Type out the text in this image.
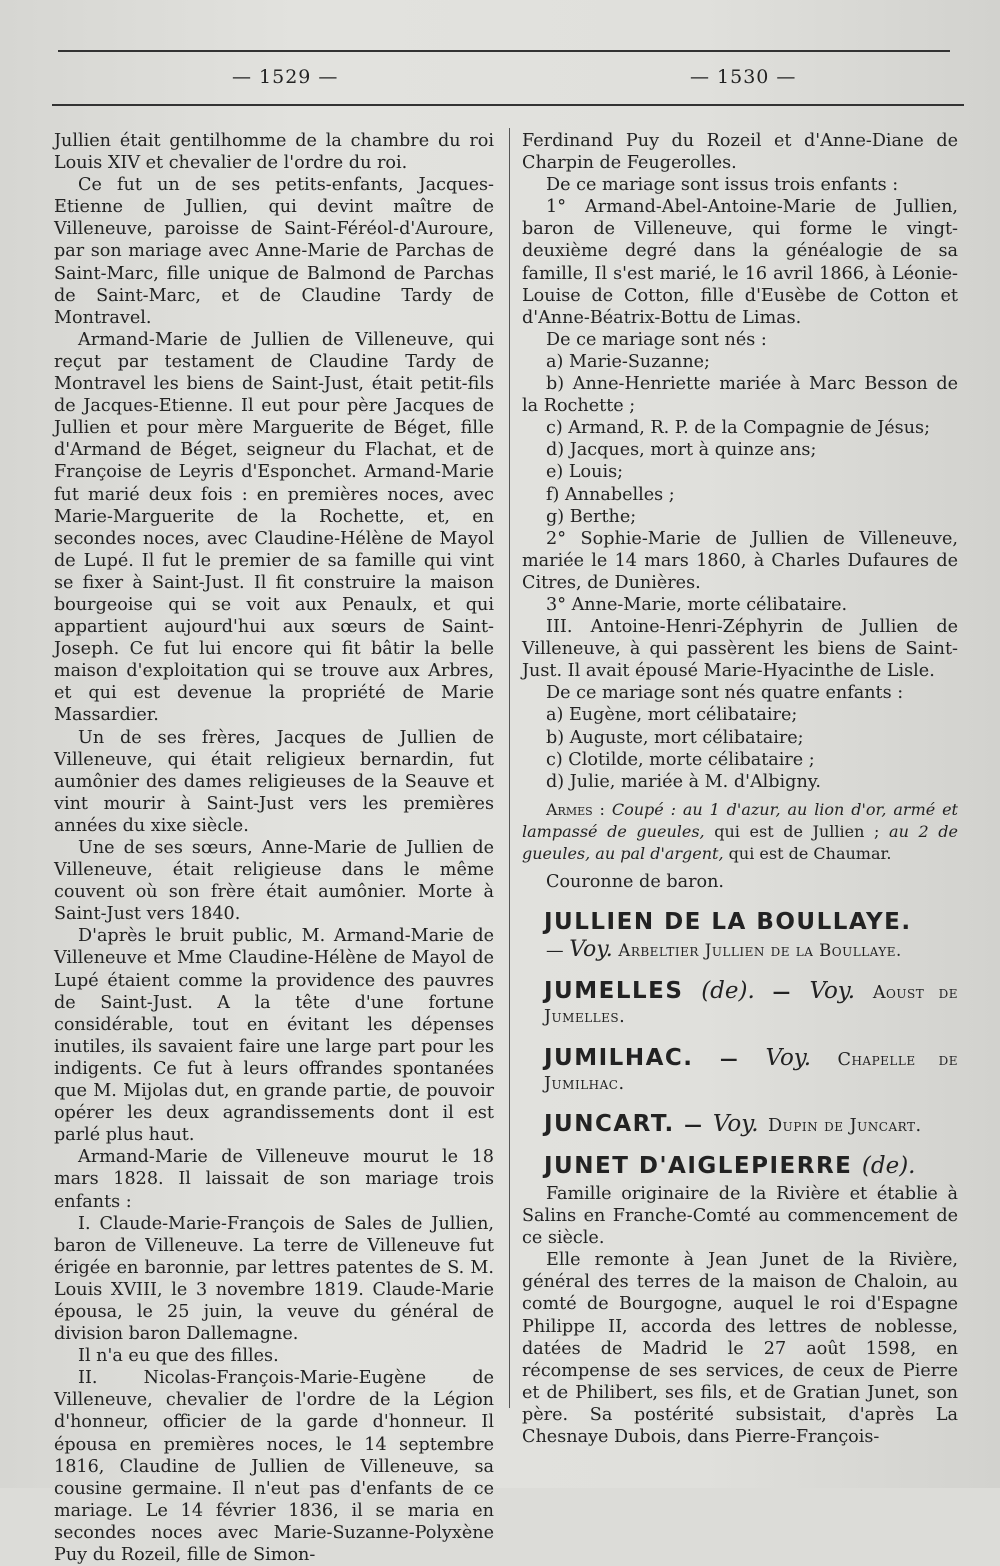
— 1529 —	— 1530 —

Jullien était gentilhomme de la chambre du roi Louis XIV et chevalier de l'ordre du roi.

Ce fut un de ses petits-enfants, Jacques-Etienne de Jullien, qui devint maître de Villeneuve, paroisse de Saint-Féréol-d'Auroure, par son mariage avec Anne-Marie de Parchas de Saint-Marc, fille unique de Balmond de Parchas de Saint-Marc, et de Claudine Tardy de Montravel.

Armand-Marie de Jullien de Villeneuve, qui reçut par testament de Claudine Tardy de Montravel les biens de Saint-Just, était petit-fils de Jacques-Etienne. Il eut pour père Jacques de Jullien et pour mère Marguerite de Béget, fille d'Armand de Béget, seigneur du Flachat, et de Françoise de Leyris d'Esponchet. Armand-Marie fut marié deux fois : en premières noces, avec Marie-Marguerite de la Rochette, et, en secondes noces, avec Claudine-Hélène de Mayol de Lupé. Il fut le premier de sa famille qui vint se fixer à Saint-Just. Il fit construire la maison bourgeoise qui se voit aux Penaulx, et qui appartient aujourd'hui aux sœurs de Saint-Joseph. Ce fut lui encore qui fit bâtir la belle maison d'exploitation qui se trouve aux Arbres, et qui est devenue la propriété de Marie Massardier.

Un de ses frères, Jacques de Jullien de Villeneuve, qui était religieux bernardin, fut aumônier des dames religieuses de la Seauve et vint mourir à Saint-Just vers les premières années du xixe siècle.

Une de ses sœurs, Anne-Marie de Jullien de Villeneuve, était religieuse dans le même couvent où son frère était aumônier. Morte à Saint-Just vers 1840.

D'après le bruit public, M. Armand-Marie de Villeneuve et Mme Claudine-Hélène de Mayol de Lupé étaient comme la providence des pauvres de Saint-Just. A la tête d'une fortune considérable, tout en évitant les dépenses inutiles, ils savaient faire une large part pour les indigents. Ce fut à leurs offrandes spontanées que M. Mijolas dut, en grande partie, de pouvoir opérer les deux agrandissements dont il est parlé plus haut.

Armand-Marie de Villeneuve mourut le 18 mars 1828. Il laissait de son mariage trois enfants :

I. Claude-Marie-François de Sales de Jullien, baron de Villeneuve. La terre de Villeneuve fut érigée en baronnie, par lettres patentes de S. M. Louis XVIII, le 3 novembre 1819. Claude-Marie épousa, le 25 juin, la veuve du général de division baron Dallemagne.

Il n'a eu que des filles.

II. Nicolas-François-Marie-Eugène de Villeneuve, chevalier de l'ordre de la Légion d'honneur, officier de la garde d'honneur. Il épousa en premières noces, le 14 septembre 1816, Claudine de Jullien de Villeneuve, sa cousine germaine. Il n'eut pas d'enfants de ce mariage. Le 14 février 1836, il se maria en secondes noces avec Marie-Suzanne-Polyxène Puy du Rozeil, fille de Simon-

Ferdinand Puy du Rozeil et d'Anne-Diane de Charpin de Feugerolles.

De ce mariage sont issus trois enfants :

1° Armand-Abel-Antoine-Marie de Jullien, baron de Villeneuve, qui forme le vingt-deuxième degré dans la généalogie de sa famille, Il s'est marié, le 16 avril 1866, à Léonie-Louise de Cotton, fille d'Eusèbe de Cotton et d'Anne-Béatrix-Bottu de Limas.

De ce mariage sont nés :

a) Marie-Suzanne;

b) Anne-Henriette mariée à Marc Besson de la Rochette ;

c) Armand, R. P. de la Compagnie de Jésus;

d) Jacques, mort à quinze ans;

e) Louis;

f) Annabelles ;

g) Berthe;

2° Sophie-Marie de Jullien de Villeneuve, mariée le 14 mars 1860, à Charles Dufaures de Citres, de Dunières.

3° Anne-Marie, morte célibataire.

III. Antoine-Henri-Zéphyrin de Jullien de Villeneuve, à qui passèrent les biens de Saint-Just. Il avait épousé Marie-Hyacinthe de Lisle.

De ce mariage sont nés quatre enfants :

a) Eugène, mort célibataire;

b) Auguste, mort célibataire;

c) Clotilde, morte célibataire ;

d) Julie, mariée à M. d'Albigny.

Armes : Coupé : au 1 d'azur, au lion d'or, armé et lampassé de gueules, qui est de Jullien ; au 2 de gueules, au pal d'argent, qui est de Chaumar.

Couronne de baron.

JULLIEN DE LA BOULLAYE.

— Voy. Arbeltier Jullien de la Boullaye.

JUMELLES (de). — Voy. Aoust de Jumelles.
JUMILHAC. — Voy. Chapelle de Jumilhac.
JUNCART. — Voy. Dupin de Juncart.
JUNET D'AIGLEPIERRE (de).

Famille originaire de la Rivière et établie à Salins en Franche-Comté au commencement de ce siècle.

Elle remonte à Jean Junet de la Rivière, général des terres de la maison de Chaloin, au comté de Bourgogne, auquel le roi d'Espagne Philippe II, accorda des lettres de noblesse, datées de Madrid le 27 août 1598, en récompense de ses services, de ceux de Pierre et de Philibert, ses fils, et de Gratian Junet, son père. Sa postérité subsistait, d'après La Chesnaye Dubois, dans Pierre-François-
